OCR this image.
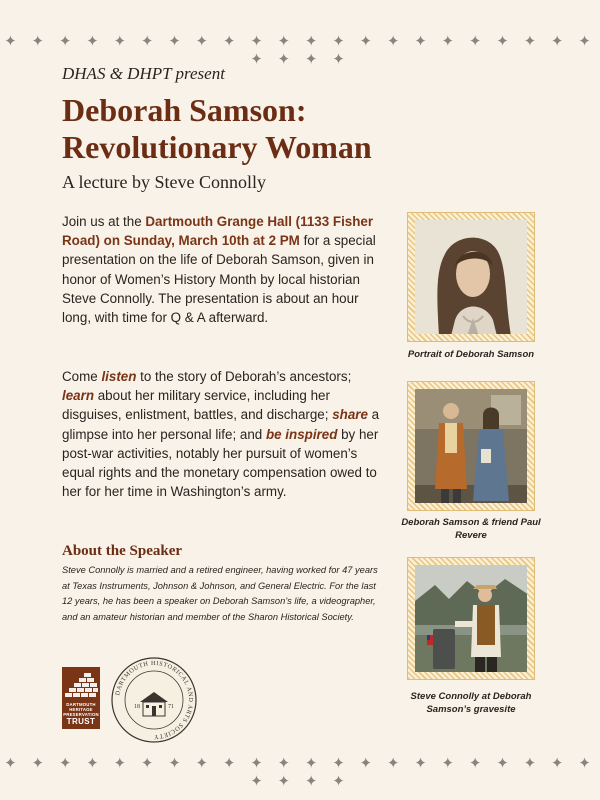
✦ ✦ ✦ ✦ ✦ ✦ ✦ ✦ ✦ ✦ ✦ ✦ ✦ ✦ ✦ ✦ ✦ ✦ ✦ ✦ ✦ ✦ ✦ ✦ ✦ ✦
DHAS & DHPT present
Deborah Samson:
Revolutionary Woman
A lecture by Steve Connolly
Join us at the Dartmouth Grange Hall (1133 Fisher Road) on Sunday, March 10th at 2 PM for a special presentation on the life of Deborah Samson, given in honor of Women’s History Month by local historian Steve Connolly. The presentation is about an hour long, with time for Q & A afterward.
Come listen to the story of Deborah’s ancestors; learn about her military service, including her disguises, enlistment, battles, and discharge; share a glimpse into her personal life; and be inspired by her post-war activities, notably her pursuit of women’s equal rights and the monetary compensation owed to her for her time in Washington’s army.
About the Speaker
Steve Connolly is married and a retired engineer, having worked for 47 years at Texas Instruments, Johnson & Johnson, and General Electric. For the last 12 years, he has been a speaker on Deborah Samson’s life, a videographer, and an amateur historian and member of the Sharon Historical Society.
Portrait of Deborah Samson
Deborah Samson & friend Paul Revere
Steve Connolly at Deborah Samson’s gravesite
DARTMOUTH HERITAGE PRESERVATION
TRUST
DARTMOUTH HISTORICAL AND ARTS SOCIETY
18	71
✦ ✦ ✦ ✦ ✦ ✦ ✦ ✦ ✦ ✦ ✦ ✦ ✦ ✦ ✦ ✦ ✦ ✦ ✦ ✦ ✦ ✦ ✦ ✦ ✦ ✦
